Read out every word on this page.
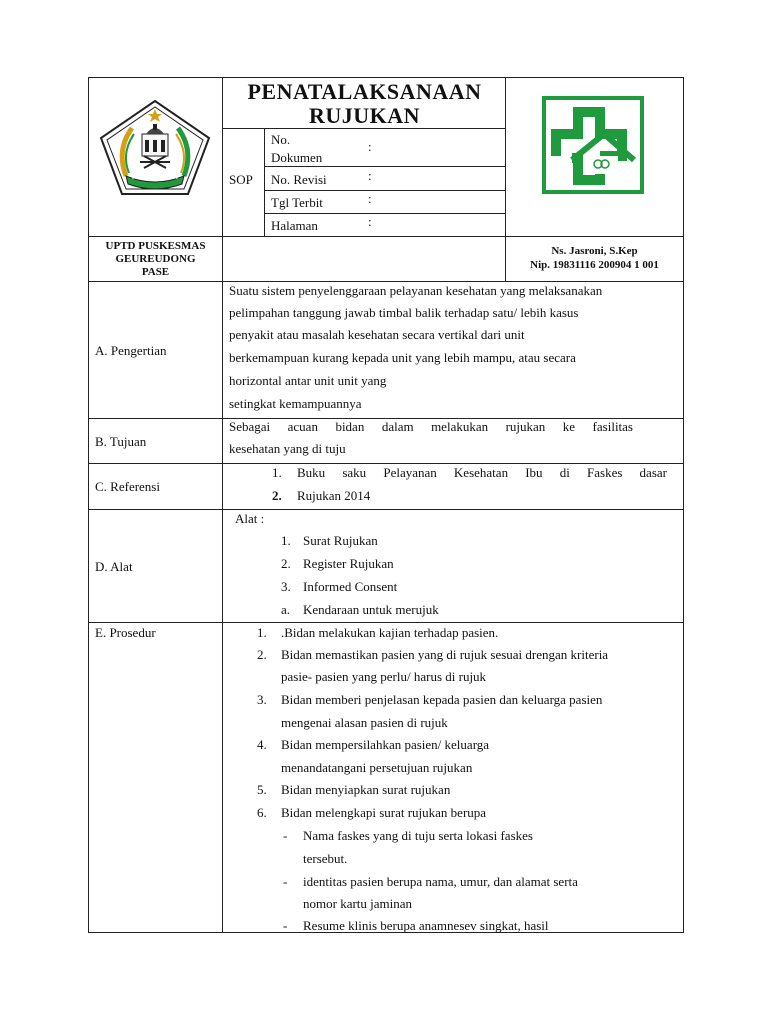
ACEH UTARA
PENATALAKSANAAN
RUJUKAN
SOP
No.
Dokumen
:
No. Revisi	:
Tgl Terbit	:
Halaman	:
UPTD PUSKESMAS
GEUREUDONG
PASE
Ns. Jasroni, S.Kep
Nip. 19831116 200904 1 001
A. Pengertian
Suatu sistem penyelenggaraan pelayanan kesehatan yang melaksanakan
pelimpahan tanggung jawab timbal balik terhadap satu/ lebih kasus
penyakit atau masalah kesehatan secara vertikal dari unit
berkemampuan kurang kepada unit yang lebih mampu, atau secara
horizontal antar unit unit yang
setingkat kemampuannya
B. Tujuan
Sebagai acuan bidan dalam melakukan rujukan ke fasilitas
kesehatan yang di tuju
C. Referensi
1. Buku saku Pelayanan Kesehatan Ibu di Faskes dasar
2. Rujukan 2014
D. Alat
Alat :
1. Surat Rujukan
2. Register Rujukan
3. Informed Consent
a. Kendaraan untuk merujuk
E. Prosedur	1. .Bidan melakukan kajian terhadap pasien.
2. Bidan memastikan pasien yang di rujuk sesuai drengan kriteria
pasie- pasien yang perlu/ harus di rujuk
3. Bidan memberi penjelasan kepada pasien dan keluarga pasien
mengenai alasan pasien di rujuk
4. Bidan mempersilahkan pasien/ keluarga
menandatangani persetujuan rujukan
5. Bidan menyiapkan surat rujukan
6. Bidan melengkapi surat rujukan berupa
- Nama faskes yang di tuju serta lokasi faskes
tersebut.
- identitas pasien berupa nama, umur, dan alamat serta
nomor kartu jaminan
- Resume klinis berupa anamnesev singkat, hasil
